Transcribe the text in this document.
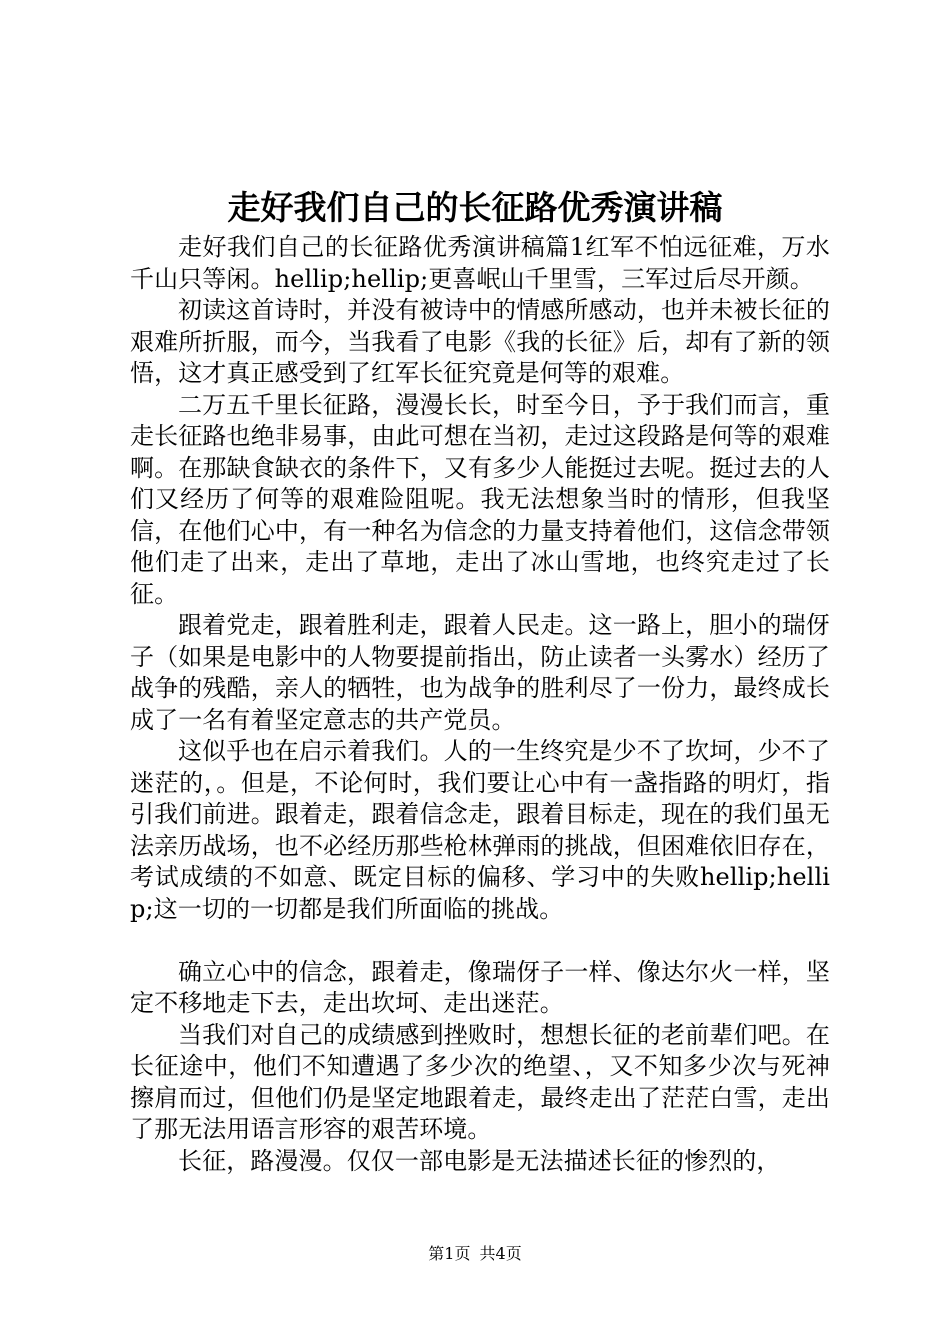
走好我们自己的长征路优秀演讲稿

走好我们自己的长征路优秀演讲稿篇1红军不怕远征难，万水千山只等闲。hellip;hellip;更喜岷山千里雪，三军过后尽开颜。

初读这首诗时，并没有被诗中的情感所感动，也并未被长征的艰难所折服，而今，当我看了电影《我的长征》后，却有了新的领悟，这才真正感受到了红军长征究竟是何等的艰难。

二万五千里长征路，漫漫长长，时至今日，予于我们而言，重走长征路也绝非易事，由此可想在当初，走过这段路是何等的艰难啊。在那缺食缺衣的条件下，又有多少人能挺过去呢。挺过去的人们又经历了何等的艰难险阻呢。我无法想象当时的情形，但我坚信，在他们心中，有一种名为信念的力量支持着他们，这信念带领他们走了出来，走出了草地，走出了冰山雪地，也终究走过了长征。

跟着党走，跟着胜利走，跟着人民走。这一路上，胆小的瑞伢子（如果是电影中的人物要提前指出，防止读者一头雾水）经历了战争的残酷，亲人的牺牲，也为战争的胜利尽了一份力，最终成长成了一名有着坚定意志的共产党员。

这似乎也在启示着我们。人的一生终究是少不了坎坷，少不了迷茫的，。但是，不论何时，我们要让心中有一盏指路的明灯，指引我们前进。跟着走，跟着信念走，跟着目标走，现在的我们虽无法亲历战场，也不必经历那些枪林弹雨的挑战，但困难依旧存在，考试成绩的不如意、既定目标的偏移、学习中的失败hellip;hellip;这一切的一切都是我们所面临的挑战。

确立心中的信念，跟着走，像瑞伢子一样、像达尔火一样，坚定不移地走下去，走出坎坷、走出迷茫。

当我们对自己的成绩感到挫败时，想想长征的老前辈们吧。在长征途中，他们不知遭遇了多少次的绝望、，又不知多少次与死神擦肩而过，但他们仍是坚定地跟着走，最终走出了茫茫白雪，走出了那无法用语言形容的艰苦环境。

长征，路漫漫。仅仅一部电影是无法描述长征的惨烈的，

第1页 共4页
